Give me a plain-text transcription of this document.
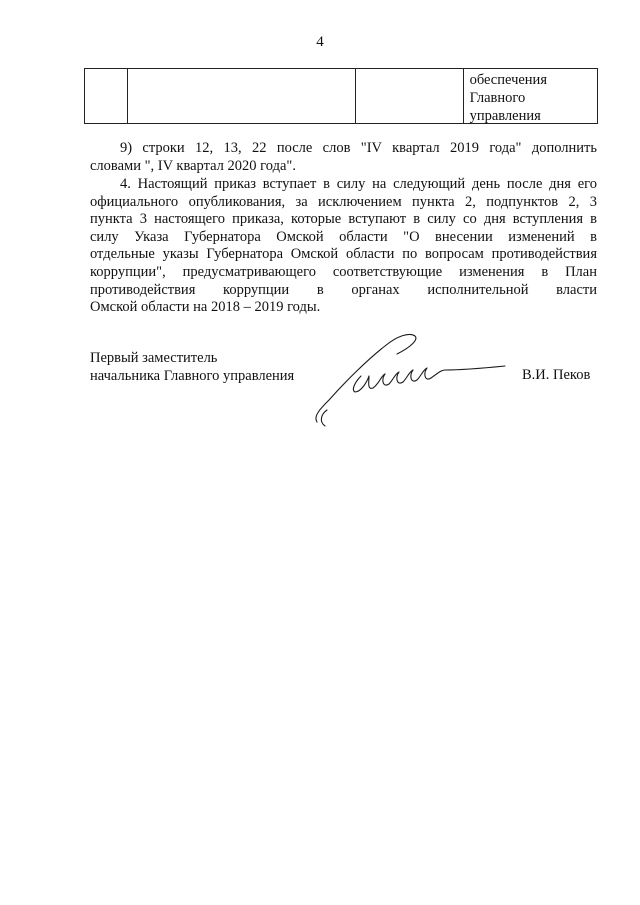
4

обеспечения
Главного
управления

9) строки 12, 13, 22 после слов "IV квартал 2019 года" дополнить
словами ", IV квартал 2020 года".

4. Настоящий приказ вступает в силу на следующий день после дня его
официального опубликования, за исключением пункта 2, подпунктов 2, 3
пункта 3 настоящего приказа, которые вступают в силу со дня вступления в
силу Указа Губернатора Омской области "О внесении изменений в
отдельные указы Губернатора Омской области по вопросам противодействия
коррупции", предусматривающего соответствующие изменения в План
противодействия коррупции в органах исполнительной власти
Омской области на 2018 – 2019 годы.

Первый заместитель
начальника Главного управления	В.И. Пеков
